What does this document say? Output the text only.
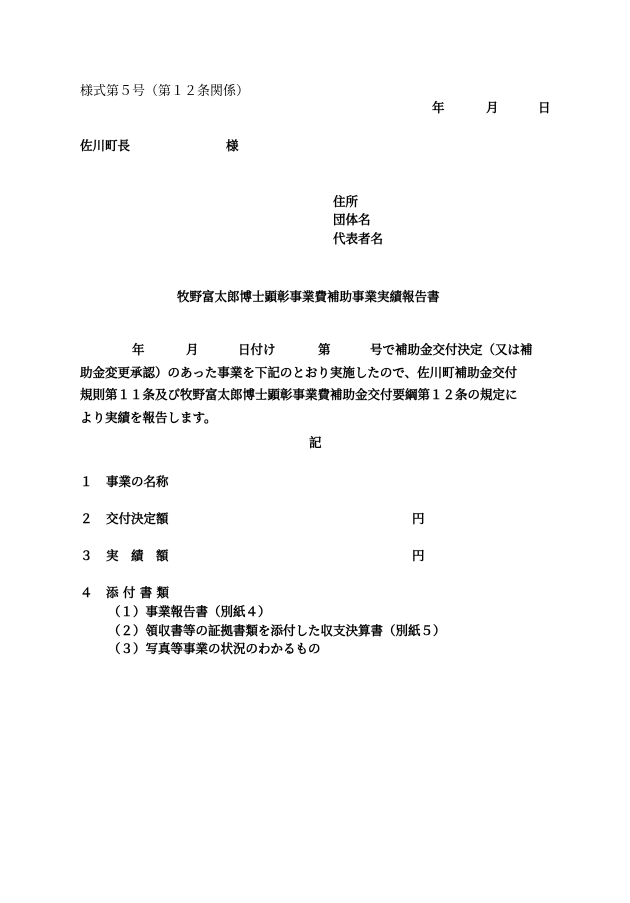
様式第５号（第１２条関係）
年	月	日
佐川町長	様
住所
団体名
代表者名
牧野富太郎博士顕彰事業費補助事業実績報告書
年	月	日付け	第	号で補助金交付決定（又は補
助金変更承認）のあった事業を下記のとおり実施したので、佐川町補助金交付
規則第１１条及び牧野富太郎博士顕彰事業費補助金交付要綱第１２条の規定に
より実績を報告します。
記
１ 事業の名称
２ 交付決定額	円
３ 実　績　額	円
４ 添 付 書 類
（１）事業報告書（別紙４）
（２）領収書等の証拠書類を添付した収支決算書（別紙５）
（３）写真等事業の状況のわかるもの
